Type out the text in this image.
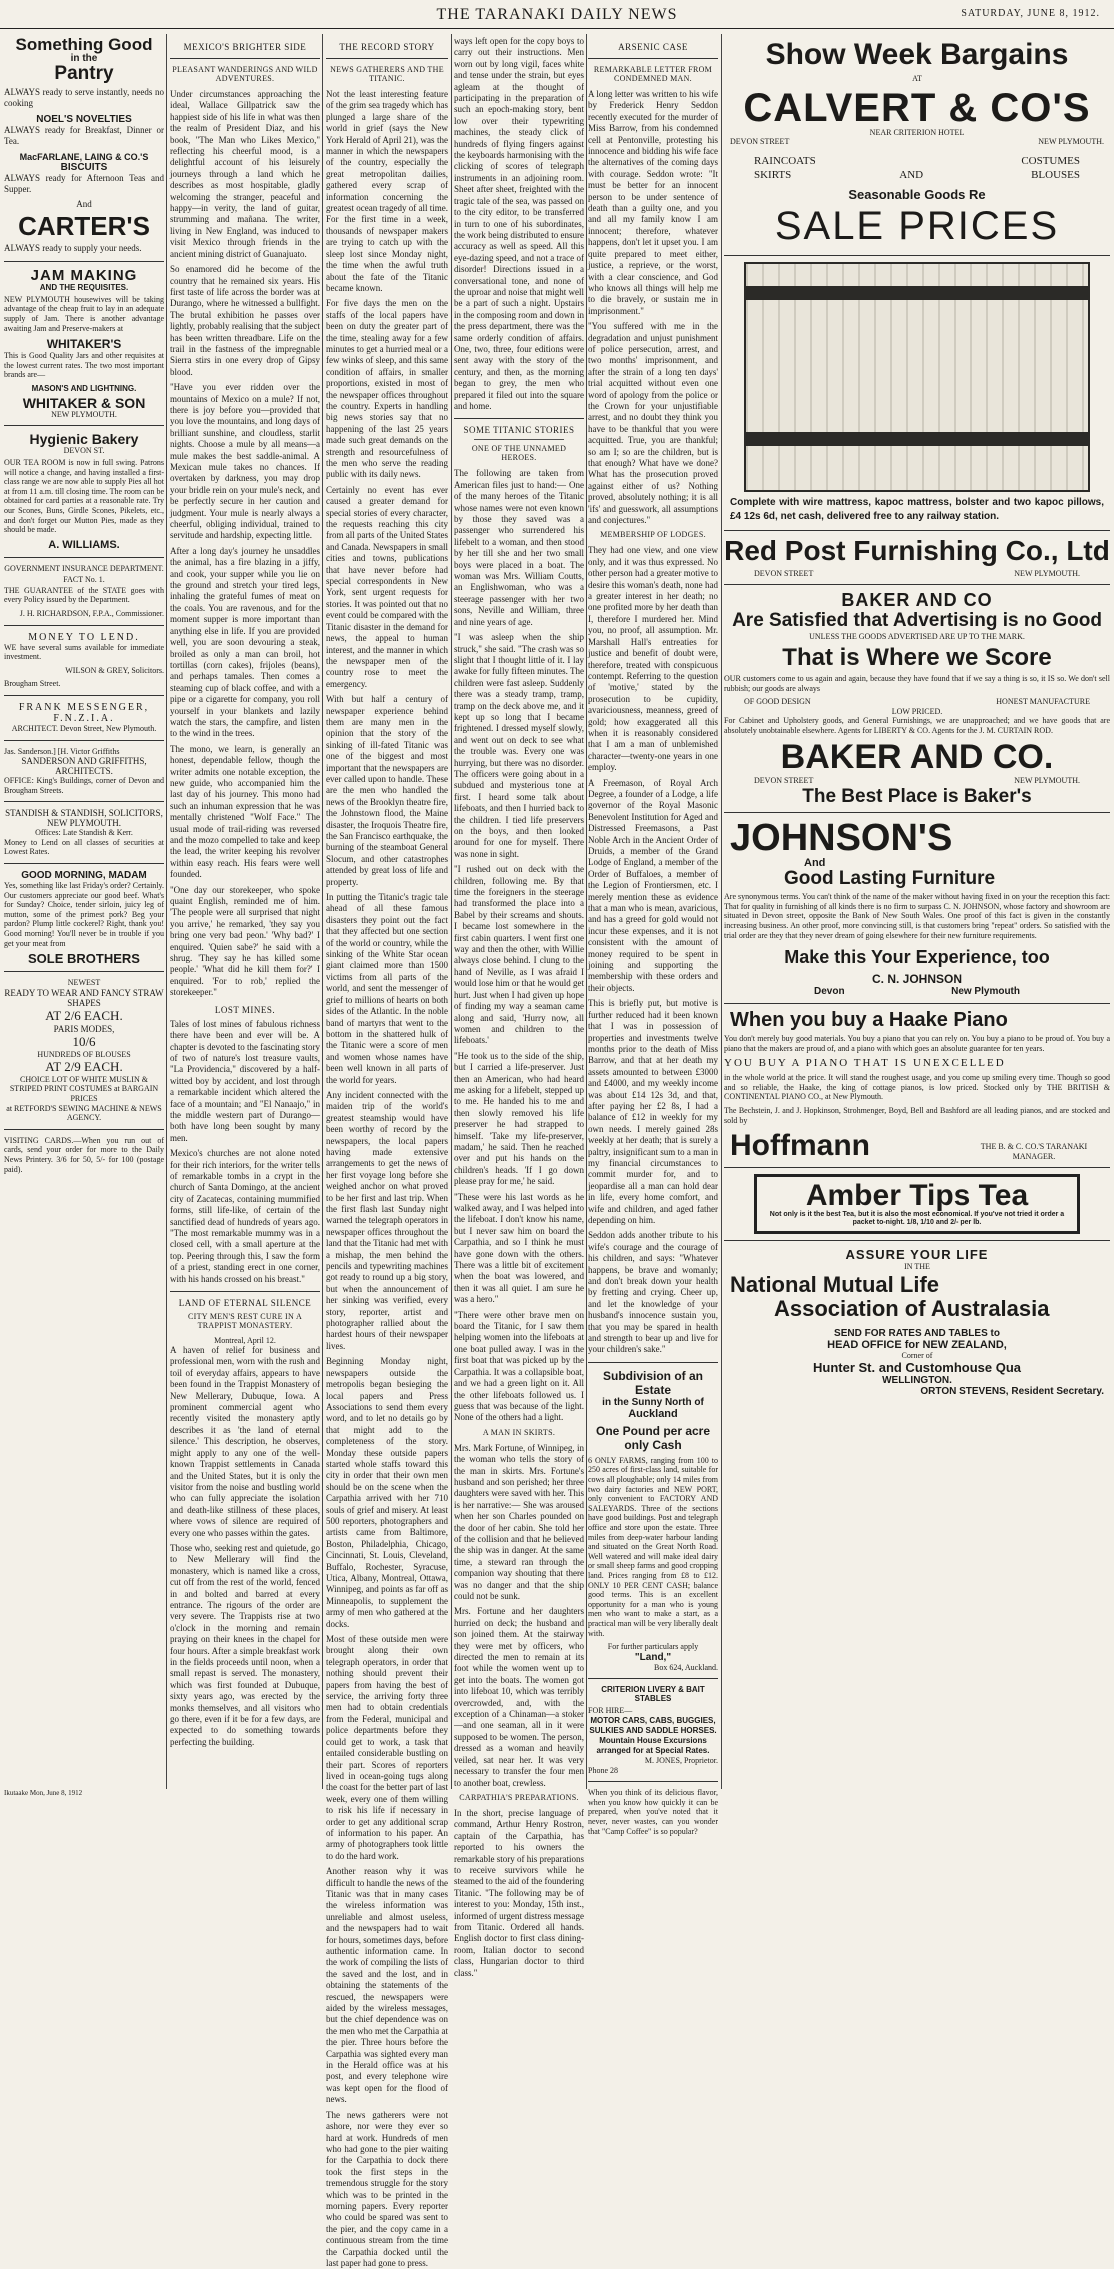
THE TARANAKI DAILY NEWS	SATURDAY, JUNE 8, 1912.
Something Good
in the
Pantry

ALWAYS ready to serve instantly, needs no cooking

NOEL'S NOVELTIES

ALWAYS ready for Breakfast, Dinner or Tea.

MacFARLANE, LAING & CO.'S
BISCUITS

ALWAYS ready for Afternoon Teas and Supper.

And
CARTER'S

ALWAYS ready to supply your needs.

JAM MAKING
AND THE REQUISITES.

NEW PLYMOUTH housewives will be taking advantage of the cheap fruit to lay in an adequate supply of Jam. There is another advantage awaiting Jam and Preserve-makers at

WHITAKER'S

This is Good Quality Jars and other requisites at the lowest current rates. The two most important brands are—

MASON'S AND LIGHTNING.
WHITAKER & SON
NEW PLYMOUTH.
Hygienic Bakery
DEVON ST.

OUR TEA ROOM is now in full swing. Patrons will notice a change, and having installed a first-class range we are now able to supply Pies all hot at from 11 a.m. till closing time. The room can be obtained for card parties at a reasonable rate. Try our Scones, Buns, Girdle Scones, Pikelets, etc., and don't forget our Mutton Pies, made as they should be made.

A. WILLIAMS.
GOVERNMENT INSURANCE DEPARTMENT.
FACT No. 1.

THE GUARANTEE of the STATE goes with every Policy issued by the Department.

J. H. RICHARDSON, F.P.A., Commissioner.

MONEY TO LEND.

WE have several sums available for immediate investment.

WILSON & GREY, Solicitors.

Brougham Street.

FRANK MESSENGER, F.N.Z.I.A.
ARCHITECT. Devon Street, New Plymouth.
Jas. Sanderson.] [H. Victor Griffiths
SANDERSON AND GRIFFITHS, ARCHITECTS.

OFFICE: King's Buildings, corner of Devon and Brougham Streets.

STANDISH & STANDISH, SOLICITORS, NEW PLYMOUTH.
Offices: Late Standish & Kerr.

Money to Lend on all classes of securities at Lowest Rates.

GOOD MORNING, MADAM

Yes, something like last Friday's order? Certainly. Our customers appreciate our good beef. What's for Sunday? Choice, tender sirloin, juicy leg of mutton, some of the primest pork? Beg your pardon? Plump little cockerel? Right, thank you! Good morning! You'll never be in trouble if you get your meat from

SOLE BROTHERS
NEWEST
READY TO WEAR AND FANCY STRAW SHAPES
AT 2/6 EACH.
PARIS MODES,
10/6
HUNDREDS OF BLOUSES
AT 2/9 EACH.
CHOICE LOT OF WHITE MUSLIN & STRIPED PRINT COSTUMES at BARGAIN PRICES
at RETFORD'S SEWING MACHINE & NEWS AGENCY.

VISITING CARDS.—When you run out of cards, send your order for more to the Daily News Printery. 3/6 for 50, 5/- for 100 (postage paid).

MEXICO'S BRIGHTER SIDE
PLEASANT WANDERINGS AND WILD ADVENTURES.

Under circumstances approaching the ideal, Wallace Gillpatrick saw the happiest side of his life in what was then the realm of President Diaz, and his book, "The Man who Likes Mexico," reflecting his cheerful mood, is a delightful account of his leisurely journeys through a land which he describes as most hospitable, gladly welcoming the stranger, peaceful and happy—in verity, the land of guitar, strumming and mañana. The writer, living in New England, was induced to visit Mexico through friends in the ancient mining district of Guanajuato.

So enamored did he become of the country that he remained six years. His first taste of life across the border was at Durango, where he witnessed a bullfight. The brutal exhibition he passes over lightly, probably realising that the subject has been written threadbare. Life on the trail in the fastness of the impregnable Sierra stirs in one every drop of Gipsy blood.

"Have you ever ridden over the mountains of Mexico on a mule? If not, there is joy before you—provided that you love the mountains, and long days of brilliant sunshine, and cloudless, starlit nights. Choose a mule by all means—a mule makes the best saddle-animal. A Mexican mule takes no chances. If overtaken by darkness, you may drop your bridle rein on your mule's neck, and be perfectly secure in her caution and judgment. Your mule is nearly always a cheerful, obliging individual, trained to servitude and hardship, expecting little.

After a long day's journey he unsaddles the animal, has a fire blazing in a jiffy, and cook, your supper while you lie on the ground and stretch your tired legs, inhaling the grateful fumes of meat on the coals. You are ravenous, and for the moment supper is more important than anything else in life. If you are provided well, you are soon devouring a steak, broiled as only a man can broil, hot tortillas (corn cakes), frijoles (beans), and perhaps tamales. Then comes a steaming cup of black coffee, and with a pipe or a cigarette for company, you roll yourself in your blankets and lazily watch the stars, the campfire, and listen to the wind in the trees.

The mono, we learn, is generally an honest, dependable fellow, though the writer admits one notable exception, the new guide, who accompanied him the last day of his journey. This mono had such an inhuman expression that he was mentally christened "Wolf Face." The usual mode of trail-riding was reversed and the mozo compelled to take and keep the lead, the writer keeping his revolver within easy reach. His fears were well founded.

"One day our storekeeper, who spoke quaint English, reminded me of him. 'The people were all surprised that night you arrive,' he remarked, 'they say you bring one very bad peon.' 'Why bad?' I enquired. 'Quien sabe?' he said with a shrug. 'They say he has killed some people.' 'What did he kill them for?' I enquired. 'For to rob,' replied the storekeeper."

LOST MINES.

Tales of lost mines of fabulous richness there have been and ever will be. A chapter is devoted to the fascinating story of two of nature's lost treasure vaults, "La Providencia," discovered by a half-witted boy by accident, and lost through a remarkable incident which altered the face of a mountain; and "El Nanaajo," in the middle western part of Durango—both have long been sought by many men.

Mexico's churches are not alone noted for their rich interiors, for the writer tells of remarkable tombs in a crypt in the church of Santa Domingo, at the ancient city of Zacatecas, containing mummified forms, still life-like, of certain of the sanctified dead of hundreds of years ago. "The most remarkable mummy was in a closed cell, with a small aperture at the top. Peering through this, I saw the form of a priest, standing erect in one corner, with his hands crossed on his breast."

LAND OF ETERNAL SILENCE
CITY MEN'S REST CURE IN A TRAPPIST MONASTERY.
Montreal, April 12.

A haven of relief for business and professional men, worn with the rush and toil of everyday affairs, appears to have been found in the Trappist Monastery of New Mellerary, Dubuque, Iowa. A prominent commercial agent who recently visited the monastery aptly describes it as 'the land of eternal silence.' This description, he observes, might apply to any one of the well-known Trappist settlements in Canada and the United States, but it is only the visitor from the noise and bustling world who can fully appreciate the isolation and death-like stillness of these places, where vows of silence are required of every one who passes within the gates.

Those who, seeking rest and quietude, go to New Mellerary will find the monastery, which is named like a cross, cut off from the rest of the world, fenced in and bolted and barred at every entrance. The rigours of the order are very severe. The Trappists rise at two o'clock in the morning and remain praying on their knees in the chapel for four hours. After a simple breakfast work in the fields proceeds until noon, when a small repast is served. The monastery, which was first founded at Dubuque, sixty years ago, was erected by the monks themselves, and all visitors who go there, even if it be for a few days, are expected to do something towards perfecting the building.

THE RECORD STORY
NEWS GATHERERS AND THE TITANIC.

Not the least interesting feature of the grim sea tragedy which has plunged a large share of the world in grief (says the New York Herald of April 21), was the manner in which the newspapers of the country, especially the great metropolitan dailies, gathered every scrap of information concerning the greatest ocean tragedy of all time. For the first time in a week, thousands of newspaper makers are trying to catch up with the sleep lost since Monday night, the time when the awful truth about the fate of the Titanic became known.

For five days the men on the staffs of the local papers have been on duty the greater part of the time, stealing away for a few minutes to get a hurried meal or a few winks of sleep, and this same condition of affairs, in smaller proportions, existed in most of the newspaper offices throughout the country. Experts in handling big news stories say that no happening of the last 25 years made such great demands on the strength and resourcefulness of the men who serve the reading public with its daily news.

Certainly no event has ever caused a greater demand for special stories of every character, the requests reaching this city from all parts of the United States and Canada. Newspapers in small cities and towns, publications that have never before had special correspondents in New York, sent urgent requests for stories. It was pointed out that no event could be compared with the Titanic disaster in the demand for news, the appeal to human interest, and the manner in which the newspaper men of the country rose to meet the emergency.

With but half a century of newspaper experience behind them are many men in the opinion that the story of the sinking of ill-fated Titanic was one of the biggest and most important that the newspapers are ever called upon to handle. These are the men who handled the news of the Brooklyn theatre fire, the Johnstown flood, the Maine disaster, the Iroquois Theatre fire, the San Francisco earthquake, the burning of the steamboat General Slocum, and other catastrophes attended by great loss of life and property.

In putting the Titanic's tragic tale ahead of all these famous disasters they point out the fact that they affected but one section of the world or country, while the sinking of the White Star ocean giant claimed more than 1500 victims from all parts of the world, and sent the messenger of grief to millions of hearts on both sides of the Atlantic. In the noble band of martyrs that went to the bottom in the shattered hulk of the Titanic were a score of men and women whose names have been well known in all parts of the world for years.

Any incident connected with the maiden trip of the world's greatest steamship would have been worthy of record by the newspapers, the local papers having made extensive arrangements to get the news of her first voyage long before she weighed anchor on what proved to be her first and last trip. When the first flash last Sunday night warned the telegraph operators in newspaper offices throughout the land that the Titanic had met with a mishap, the men behind the pencils and typewriting machines got ready to round up a big story, but when the announcement of her sinking was verified, every story, reporter, artist and photographer rallied about the hardest hours of their newspaper lives.

Beginning Monday night, newspapers outside the metropolis began besieging the local papers and Press Associations to send them every word, and to let no details go by that might add to the completeness of the story. Monday these outside papers started whole staffs toward this city in order that their own men should be on the scene when the Carpathia arrived with her 710 souls of grief and misery. At least 500 reporters, photographers and artists came from Baltimore, Boston, Philadelphia, Chicago, Cincinnati, St. Louis, Cleveland, Buffalo, Rochester, Syracuse, Utica, Albany, Montreal, Ottawa, Winnipeg, and points as far off as Minneapolis, to supplement the army of men who gathered at the docks.

Most of these outside men were brought along their own telegraph operators, in order that nothing should prevent their papers from having the best of service, the arriving forty three men had to obtain credentials from the Federal, municipal and police departments before they could get to work, a task that entailed considerable bustling on their part. Scores of reporters lived in ocean-going tugs along the coast for the better part of last week, every one of them willing to risk his life if necessary in order to get any additional scrap of information to his paper. An army of photographers took little to do the hard work.

Another reason why it was difficult to handle the news of the Titanic was that in many cases the wireless information was unreliable and almost useless, and the newspapers had to wait for hours, sometimes days, before authentic information came. In the work of compiling the lists of the saved and the lost, and in obtaining the statements of the rescued, the newspapers were aided by the wireless messages, but the chief dependence was on the men who met the Carpathia at the pier. Three hours before the Carpathia was sighted every man in the Herald office was at his post, and every telephone wire was kept open for the flood of news.

The news gatherers were not ashore, nor were they ever so hard at work. Hundreds of men who had gone to the pier waiting for the Carpathia to dock there took the first steps in the tremendous struggle for the story which was to be printed in the morning papers. Every reporter who could be spared was sent to the pier, and the copy came in a continuous stream from the time the Carpathia docked until the last paper had gone to press.

ways left open for the copy boys to carry out their instructions. Men worn out by long vigil, faces white and tense under the strain, but eyes agleam at the thought of participating in the preparation of such an epoch-making story, bent low over their typewriting machines, the steady click of hundreds of flying fingers against the keyboards harmonising with the clicking of scores of telegraph instruments in an adjoining room. Sheet after sheet, freighted with the tragic tale of the sea, was passed on to the city editor, to be transferred in turn to one of his subordinates, the work being distributed to ensure accuracy as well as speed. All this eye-dazing speed, and not a trace of disorder! Directions issued in a conversational tone, and none of the uproar and noise that might well be a part of such a night. Upstairs in the composing room and down in the press department, there was the same orderly condition of affairs. One, two, three, four editions were sent away with the story of the century, and then, as the morning began to grey, the men who prepared it filed out into the square and home.

SOME TITANIC STORIES
ONE OF THE UNNAMED HEROES.

The following are taken from American files just to hand:— One of the many heroes of the Titanic whose names were not even known by those they saved was a passenger who surrendered his lifebelt to a woman, and then stood by her till she and her two small boys were placed in a boat. The woman was Mrs. William Coutts, an Englishwoman, who was a steerage passenger with her two sons, Neville and William, three and nine years of age.

"I was asleep when the ship struck," she said. "The crash was so slight that I thought little of it. I lay awake for fully fifteen minutes. The children were fast asleep. Suddenly there was a steady tramp, tramp, tramp on the deck above me, and it kept up so long that I became frightened. I dressed myself slowly, and went out on deck to see what the trouble was. Every one was hurrying, but there was no disorder. The officers were going about in a subdued and mysterious tone at first. I heard some talk about lifeboats, and then I hurried back to the children. I tied life preservers on the boys, and then looked around for one for myself. There was none in sight.

"I rushed out on deck with the children, following me. By that time the foreigners in the steerage had transformed the place into a Babel by their screams and shouts. I became lost somewhere in the first cabin quarters. I went first one way and then the other, with Willie always close behind. I clung to the hand of Neville, as I was afraid I would lose him or that he would get hurt. Just when I had given up hope of finding my way a seaman came along and said, 'Hurry now, all women and children to the lifeboats.'

"He took us to the side of the ship, but I carried a life-preserver. Just then an American, who had heard me asking for a lifebelt, stepped up to me. He handed his to me and then slowly removed his life preserver he had strapped to himself. 'Take my life-preserver, madam,' he said. Then he reached over and put his hands on the children's heads. 'If I go down please pray for me,' he said.

"These were his last words as he walked away, and I was helped into the lifeboat. I don't know his name, but I never saw him on board the Carpathia, and so I think he must have gone down with the others. There was a little bit of excitement when the boat was lowered, and then it was all quiet. I am sure he was a hero."

"There were other brave men on board the Titanic, for I saw them helping women into the lifeboats at one boat pulled away. I was in the first boat that was picked up by the Carpathia. It was a collapsible boat, and we had a green light on it. All the other lifeboats followed us. I guess that was because of the light. None of the others had a light.

A MAN IN SKIRTS.

Mrs. Mark Fortune, of Winnipeg, in the woman who tells the story of the man in skirts. Mrs. Fortune's husband and son perished; her three daughters were saved with her. This is her narrative:— She was aroused when her son Charles pounded on the door of her cabin. She told her of the collision and that he believed the ship was in danger. At the same time, a steward ran through the companion way shouting that there was no danger and that the ship could not be sunk.

Mrs. Fortune and her daughters hurried on deck; the husband and son joined them. At the stairway they were met by officers, who directed the men to remain at its foot while the women went up to get into the boats. The women got into lifeboat 10, which was terribly overcrowded, and, with the exception of a Chinaman—a stoker—and one seaman, all in it were supposed to be women. The person, dressed as a woman and heavily veiled, sat near her. It was very necessary to transfer the four men to another boat, crewless.

CARPATHIA'S PREPARATIONS.

In the short, precise language of command, Arthur Henry Rostron, captain of the Carpathia, has reported to his owners the remarkable story of his preparations to receive survivors while he steamed to the aid of the foundering Titanic. "The following may be of interest to you: Monday, 15th inst., informed of urgent distress message from Titanic. Ordered all hands. English doctor to first class dining-room, Italian doctor to second class, Hungarian doctor to third class."

ARSENIC CASE
REMARKABLE LETTER FROM CONDEMNED MAN.

A long letter was written to his wife by Frederick Henry Seddon recently executed for the murder of Miss Barrow, from his condemned cell at Pentonville, protesting his innocence and bidding his wife face the alternatives of the coming days with courage. Seddon wrote: "It must be better for an innocent person to be under sentence of death than a guilty one, and you and all my family know I am innocent; therefore, whatever happens, don't let it upset you. I am quite prepared to meet either, justice, a reprieve, or the worst, with a clear conscience, and God who knows all things will help me to die bravely, or sustain me in imprisonment."

"You suffered with me in the degradation and unjust punishment of police persecution, arrest, and two months' imprisonment, and after the strain of a long ten days' trial acquitted without even one word of apology from the police or the Crown for your unjustifiable arrest, and no doubt they think you have to be thankful that you were acquitted. True, you are thankful; so am I; so are the children, but is that enough? What have we done? What has the prosecution proved against either of us? Nothing proved, absolutely nothing; it is all 'ifs' and guesswork, all assumptions and conjectures."

MEMBERSHIP OF LODGES.

They had one view, and one view only, and it was thus expressed. No other person had a greater motive to desire this woman's death, none had a greater interest in her death; no one profited more by her death than I, therefore I murdered her. Mind you, no proof, all assumption. Mr. Marshall Hall's entreaties for justice and benefit of doubt were, therefore, treated with conspicuous contempt. Referring to the question of 'motive,' stated by the prosecution to be cupidity, avariciousness, meanness, greed of gold; how exaggerated all this when it is reasonably considered that I am a man of unblemished character—twenty-one years in one employ.

A Freemason, of Royal Arch Degree, a founder of a Lodge, a life governor of the Royal Masonic Benevolent Institution for Aged and Distressed Freemasons, a Past Noble Arch in the Ancient Order of Druids, a member of the Grand Lodge of England, a member of the Order of Buffaloes, a member of the Legion of Frontiersmen, etc. I merely mention these as evidence that a man who is mean, avaricious, and has a greed for gold would not incur these expenses, and it is not consistent with the amount of money required to be spent in joining and supporting the membership with these orders and their objects.

This is briefly put, but motive is further reduced had it been known that I was in possession of properties and investments twelve months prior to the death of Miss Barrow, and that at her death my assets amounted to between £3000 and £4000, and my weekly income was about £14 12s 3d, and that, after paying her £2 8s, I had a balance of £12 in weekly for my own needs. I merely gained 28s weekly at her death; that is surely a paltry, insignificant sum to a man in my financial circumstances to commit murder for, and to jeopardise all a man can hold dear in life, every home comfort, and wife and children, and aged father depending on him.

Seddon adds another tribute to his wife's courage and the courage of his children, and says: "Whatever happens, be brave and womanly; and don't break down your health by fretting and crying. Cheer up, and let the knowledge of your husband's innocence sustain you, that you may be spared in health and strength to bear up and live for your children's sake."

Subdivision of an
Estate
in the Sunny North of
Auckland
One Pound per acre
only Cash

6 ONLY FARMS, ranging from 100 to 250 acres of first-class land, suitable for cows all ploughable; only 14 miles from two dairy factories and NEW PORT, only convenient to FACTORY AND SALEYARDS. Three of the sections have good buildings. Post and telegraph office and store upon the estate. Three miles from deep-water harbour landing and situated on the Great North Road. Well watered and will make ideal dairy or small sheep farms and good cropping land. Prices ranging from £8 to £12. ONLY 10 PER CENT CASH; balance good terms. This is an excellent opportunity for a man who is young men who want to make a start, as a practical man will be very liberally dealt with.

For further particulars apply
"Land,"
Box 624, Auckland.
CRITERION LIVERY & BAIT STABLES
FOR HIRE—
MOTOR CARS, CABS, BUGGIES, SULKIES AND SADDLE HORSES. Mountain House Excursions arranged for at Special Rates.
M. JONES, Proprietor.
Phone 28

When you think of its delicious flavor, when you know how quickly it can be prepared, when you've noted that it never, never wastes, can you wonder that "Camp Coffee" is so popular?

Show Week Bargains
AT
CALVERT & CO'S
NEAR CRITERION HOTEL
DEVON STREET	NEW PLYMOUTH.
RAINCOATS	COSTUMES
SKIRTS	AND	BLOUSES
Seasonable Goods Re
SALE PRICES

Complete with wire mattress, kapoc mattress, bolster and two kapoc pillows, £4 12s 6d, net cash, delivered free to any railway station.

Red Post Furnishing Co., Ltd
DEVON STREET	NEW PLYMOUTH.
BAKER AND CO
Are Satisfied that Advertising is no Good
UNLESS THE GOODS ADVERTISED ARE UP TO THE MARK.
That is Where we Score

OUR customers come to us again and again, because they have found that if we say a thing is so, it IS so. We don't sell rubbish; our goods are always

OF GOOD DESIGN	HONEST MANUFACTURE
LOW PRICED.

For Cabinet and Upholstery goods, and General Furnishings, we are unapproached; and we have goods that are absolutely unobtainable elsewhere. Agents for LIBERTY & CO. Agents for the J. M. CURTAIN ROD.

BAKER AND CO.
DEVON STREET	NEW PLYMOUTH.
The Best Place is Baker's
JOHNSON'S
And
Good Lasting Furniture

Are synonymous terms. You can't think of the name of the maker without having fixed in on your the reception this fact: That for quality in furnishing of all kinds there is no firm to surpass C. N. JOHNSON, whose factory and showroom are situated in Devon street, opposite the Bank of New South Wales. One proof of this fact is given in the constantly increasing business. An other proof, more convincing still, is that customers bring "repeat" orders. So satisfied with the trial order are they that they never dream of going elsewhere for their new furniture requirements.

Make this Your Experience, too
C. N. JOHNSON
Devon	New Plymouth
When you buy a Haake Piano

You don't merely buy good materials. You buy a piano that you can rely on. You buy a piano to be proud of. You buy a piano that the makers are proud of, and a piano with which goes an absolute guarantee for ten years.

YOU BUY A PIANO THAT IS UNEXCELLED

in the whole world at the price. It will stand the roughest usage, and you come up smiling every time. Though so good and so reliable, the Haake, the king of cottage pianos, is low priced. Stocked only by THE BRITISH & CONTINENTAL PIANO CO., at New Plymouth.

The Bechstein, J. and J. Hopkinson, Strohmenger, Boyd, Bell and Bashford are all leading pianos, and are stocked and sold by

Hoffmann	THE B. & C. CO.'S TARANAKI MANAGER.
Amber Tips Tea
Not only is it the best Tea, but it is also the most economical. If you've not tried it order a packet to-night. 1/8, 1/10 and 2/- per lb.
ASSURE YOUR LIFE
IN THE
National Mutual Life
Association of Australasia
SEND FOR RATES AND TABLES to
HEAD OFFICE for NEW ZEALAND,
Corner of
Hunter St. and Customhouse Qua
WELLINGTON.
ORTON STEVENS, Resident Secretary.
Ikutaake Mon, June 8, 1912
